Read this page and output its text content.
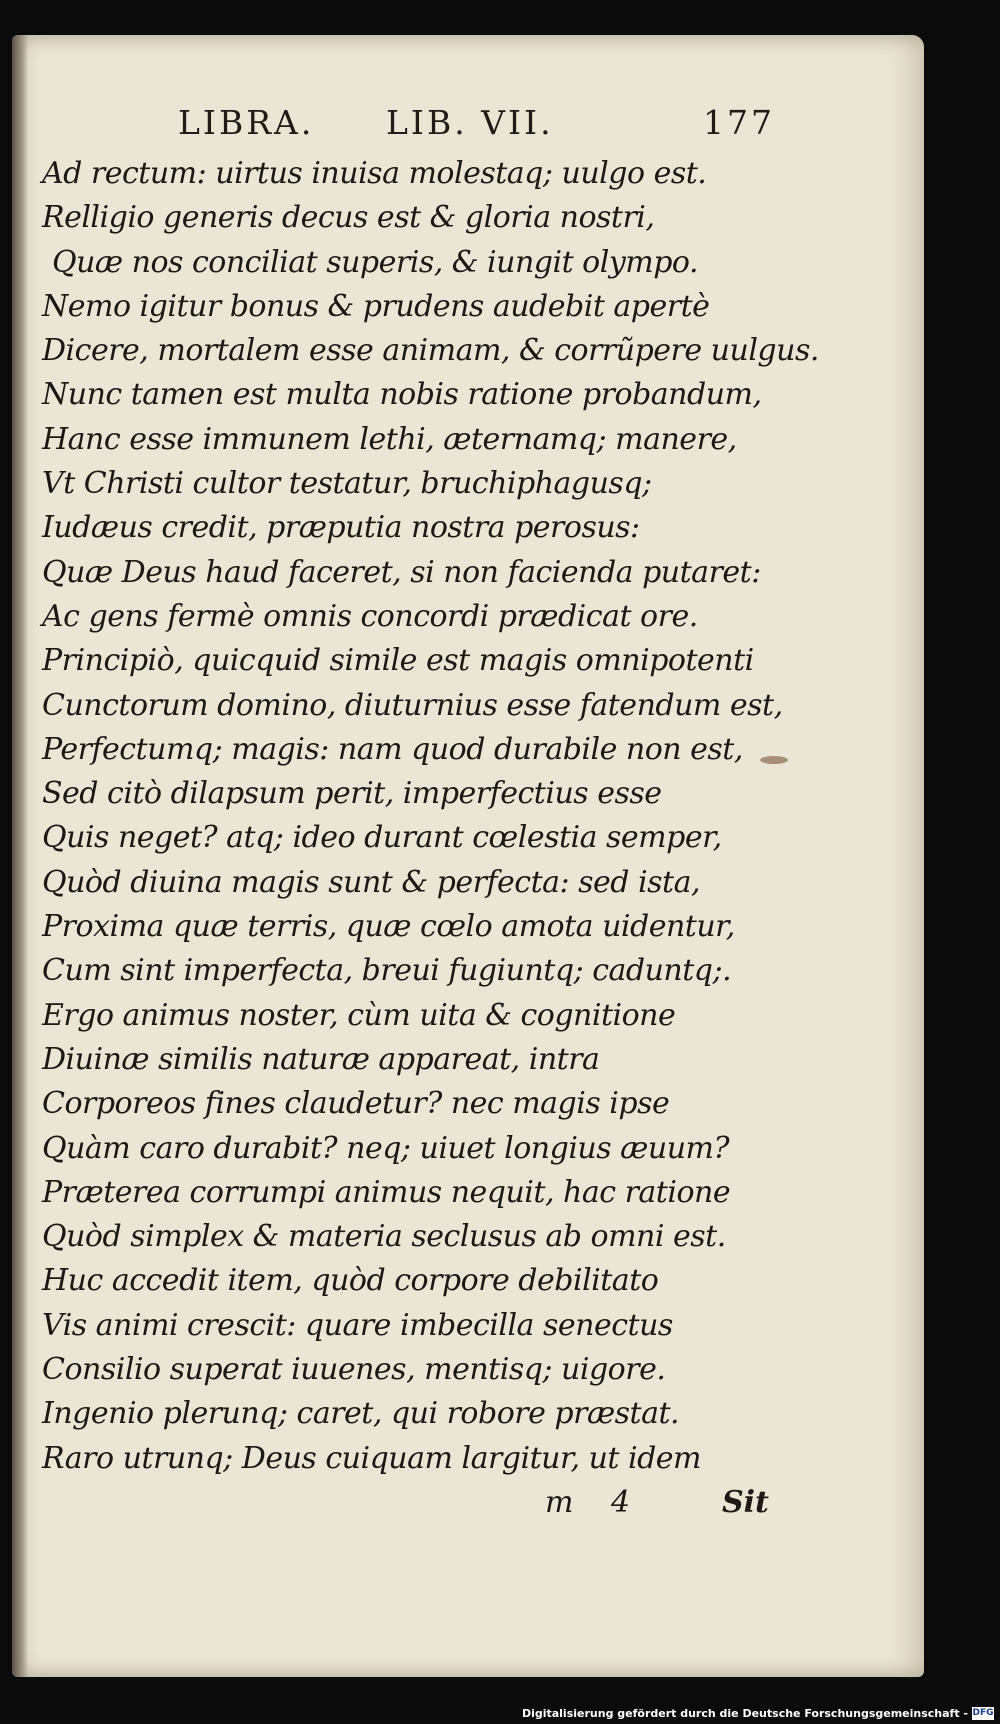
LIBRA. LIB. VII.	177
Ad rectum: uirtus inuisa molestaq; uulgo est.
Relligio generis decus est & gloria nostri,
Quæ nos conciliat superis, & iungit olympo.
Nemo igitur bonus & prudens audebit apertè
Dicere, mortalem esse animam, & corrũpere uulgus.
Nunc tamen est multa nobis ratione probandum,
Hanc esse immunem lethi, æternamq; manere,
Vt Christi cultor testatur, bruchiphagusq;
Iudæus credit, præputia nostra perosus:
Quæ Deus haud faceret, si non facienda putaret:
Ac gens fermè omnis concordi prædicat ore.
Principiò, quicquid simile est magis omnipotenti
Cunctorum domino, diuturnius esse fatendum est,
Perfectumq; magis: nam quod durabile non est,
Sed citò dilapsum perit, imperfectius esse
Quis neget? atq; ideo durant cœlestia semper,
Quòd diuina magis sunt & perfecta: sed ista,
Proxima quæ terris, quæ cœlo amota uidentur,
Cum sint imperfecta, breui fugiuntq; caduntq;.
Ergo animus noster, cùm uita & cognitione
Diuinæ similis naturæ appareat, intra
Corporeos fines claudetur? nec magis ipse
Quàm caro durabit? neq; uiuet longius æuum?
Præterea corrumpi animus nequit, hac ratione
Quòd simplex & materia seclusus ab omni est.
Huc accedit item, quòd corpore debilitato
Vis animi crescit: quare imbecilla senectus
Consilio superat iuuenes, mentisq; uigore.
Ingenio plerunq; caret, qui robore præstat.
Raro utrunq; Deus cuiquam largitur, ut idem
m 4	Sit
Digitalisierung gefördert durch die Deutsche Forschungsgemeinschaft - DFG
